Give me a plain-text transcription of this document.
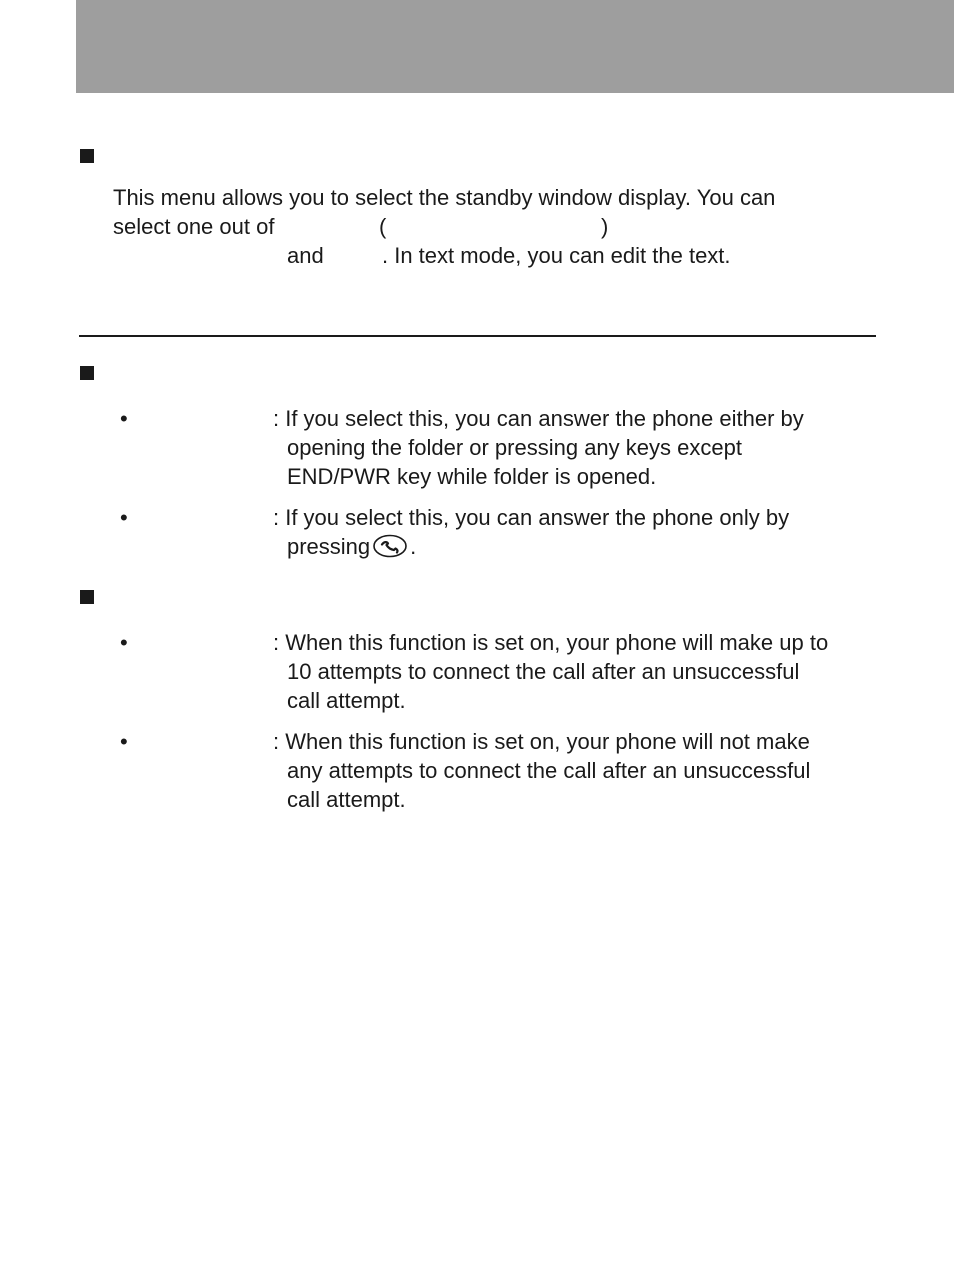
This menu allows you to select the standby window display. You can
select one out of	(	)
and	. In text mode, you can edit the text.
•	: If you select this, you can answer the phone either by
opening the folder or pressing any keys except
END/PWR key while folder is opened.
•	: If you select this, you can answer the phone only by
pressing .
•	: When this function is set on, your phone will make up to
10 attempts to connect the call after an unsuccessful
call attempt.
•	: When this function is set on, your phone will not make
any attempts to connect the call after an unsuccessful
call attempt.
